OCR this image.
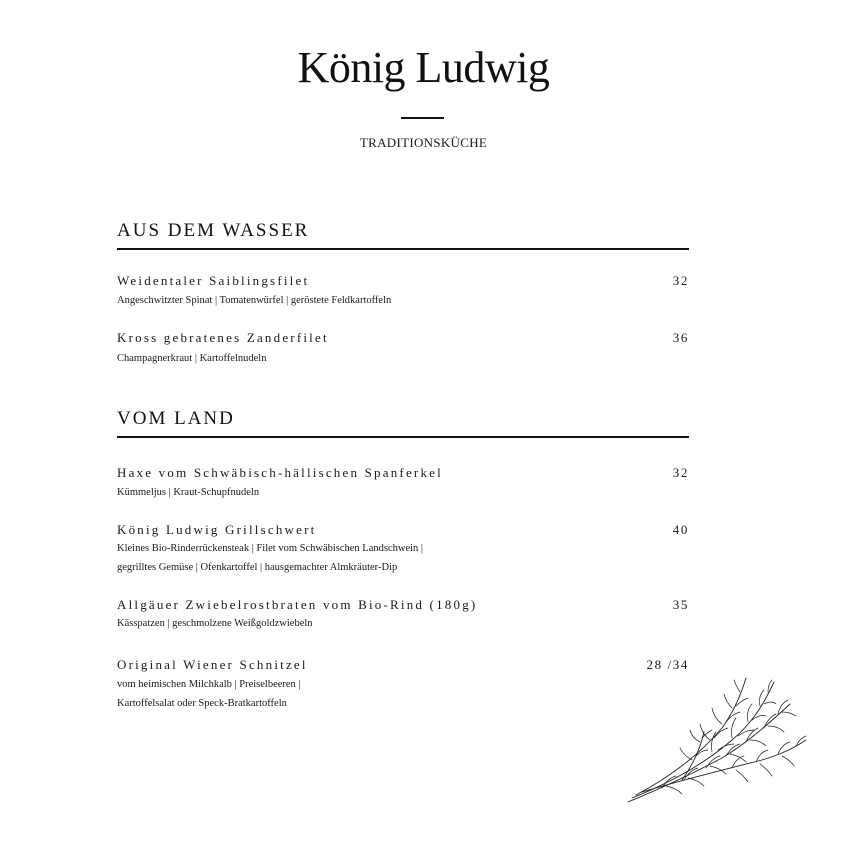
König Ludwig
TRADITIONSKÜCHE
AUS DEM WASSER
Weidentaler Saiblingsfilet	32
Angeschwitzter Spinat | Tomatenwürfel | geröstete Feldkartoffeln
Kross gebratenes Zanderfilet	36
Champagnerkraut | Kartoffelnudeln
VOM LAND
Haxe vom Schwäbisch-hällischen Spanferkel	32
Kümmeljus | Kraut-Schupfnudeln
König Ludwig Grillschwert	40
Kleines Bio-Rinderrückensteak | Filet vom Schwäbischen Landschwein |
gegrilltes Gemüse | Ofenkartoffel | hausgemachter Almkräuter-Dip
Allgäuer Zwiebelrostbraten vom Bio-Rind (180g)	35
Kässpatzen | geschmolzene Weißgoldzwiebeln
Original Wiener Schnitzel	28 /34
vom heimischen Milchkalb | Preiselbeeren |
Kartoffelsalat oder Speck-Bratkartoffeln
